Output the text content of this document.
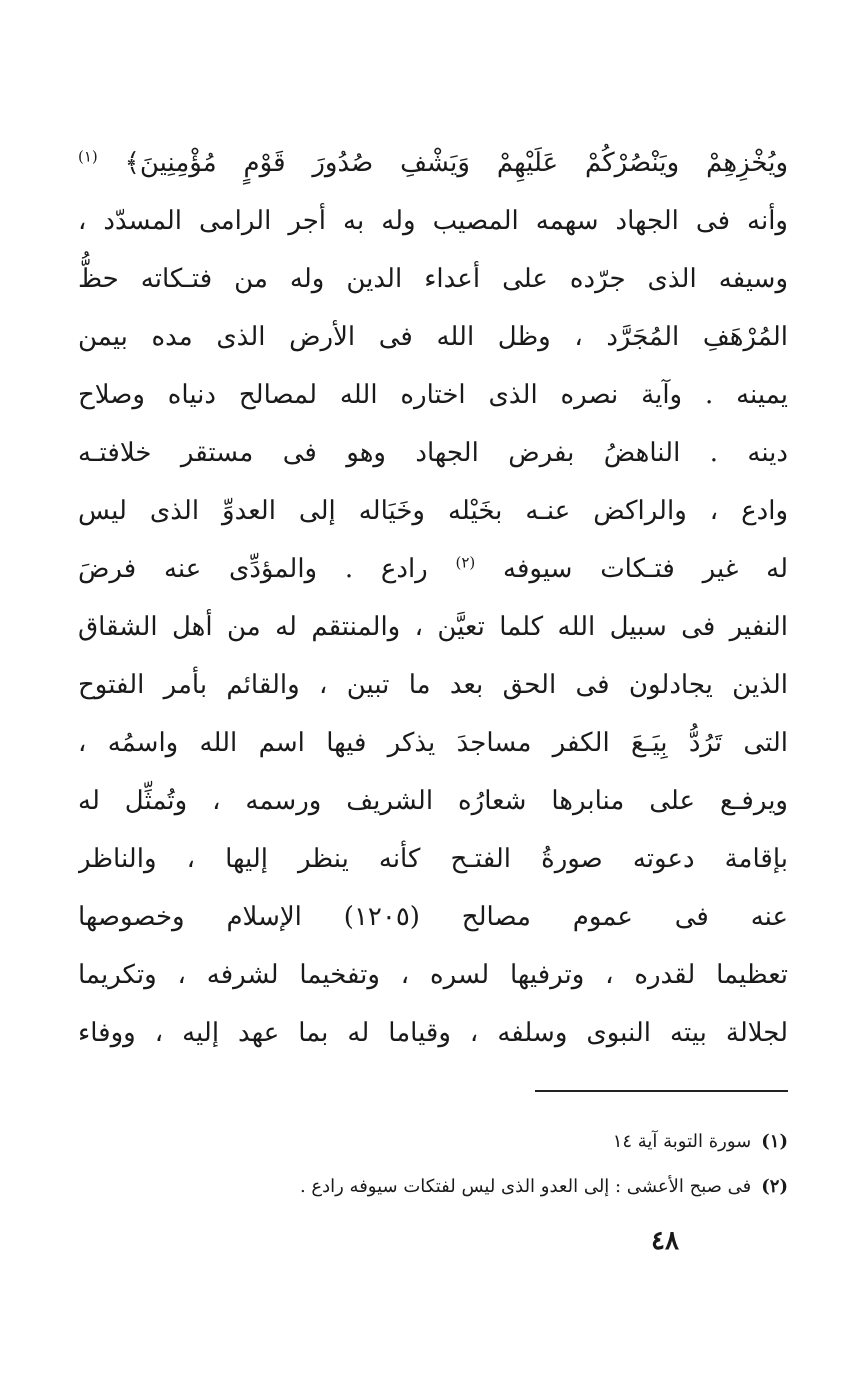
ويُخْزِهِمْ ويَنْصُرْكُمْ عَلَيْهِمْ وَيَشْفِ صُدُورَ قَوْمٍ مُؤْمِنِينَ﴾ $^{(١)}$
وأنه فى الجهاد سهمه المصيب وله به أجر الرامى المسدّد ،
وسيفه الذى جرّده على أعداء الدين وله من فتـكاته حظُّ
المُرْهَفِ المُجَرَّد ، وظل الله فى الأرض الذى مده بيمن
يمينه . وآية نصره الذى اختاره الله لمصالح دنياه وصلاح
دينه . الناهضُ بفرض الجهاد وهو فى مستقر خلافتـه
وادع ، والراكض عنـه بخَيْله وخَيَاله إلى العدوِّ الذى ليس
له غير فتـكات سيوفه $^{(٢)}$ رادع . والمؤدِّى عنه فرضَ
النفير فى سبيل الله كلما تعيَّن ، والمنتقم له من أهل الشقاق
الذين يجادلون فى الحق بعد ما تبين ، والقائم بأمر الفتوح
التى تَرُدُّ بِيَـعَ الكفر مساجدَ يذكر فيها اسم الله واسمُه ،
ويرفـع على منابرها شعارُه الشريف ورسمه ، وتُمثِّل له
بإقامة دعوته صورةُ الفتـح كأنه ينظر إليها ، والناظر
عنه فى عموم مصالح (١٢٠٥) الإسلام وخصوصها
تعظيما لقدره ، وترفيها لسره ، وتفخيما لشرفه ، وتكريما
لجلالة بيته النبوى وسلفه ، وقياما له بما عهد إليه ، ووفاء
(١)سورة التوبة آية ١٤
(٢)فى صبح الأعشى : إلى العدو الذى ليس لفتكات سيوفه رادع .
٤٨
